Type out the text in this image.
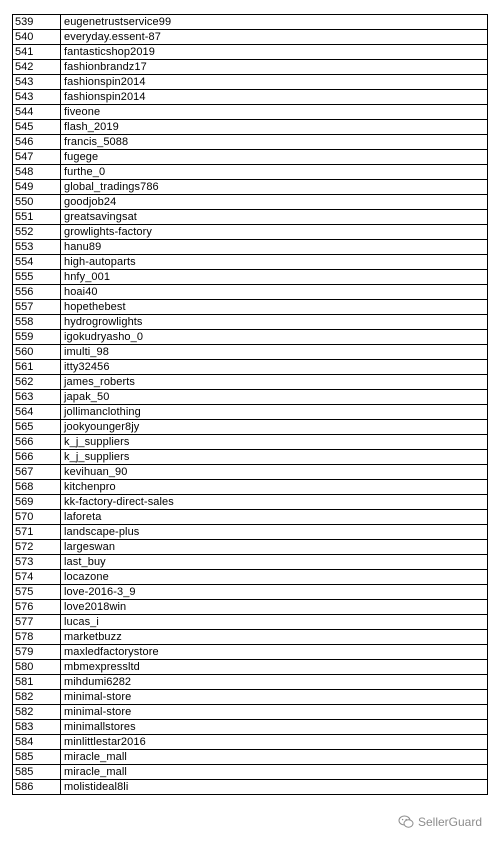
539	eugenetrustservice99
540	everyday.essent-87
541	fantasticshop2019
542	fashionbrandz17
543	fashionspin2014
543	fashionspin2014
544	fiveone
545	flash_2019
546	francis_5088
547	fugege
548	furthe_0
549	global_tradings786
550	goodjob24
551	greatsavingsat
552	growlights-factory
553	hanu89
554	high-autoparts
555	hnfy_001
556	hoai40
557	hopethebest
558	hydrogrowlights
559	igokudryasho_0
560	imulti_98
561	itty32456
562	james_roberts
563	japak_50
564	jollimanclothing
565	jookyounger8jy
566	k_j_suppliers
566	k_j_suppliers
567	kevihuan_90
568	kitchenpro
569	kk-factory-direct-sales
570	laforeta
571	landscape-plus
572	largeswan
573	last_buy
574	locazone
575	love-2016-3_9
576	love2018win
577	lucas_i
578	marketbuzz
579	maxledfactorystore
580	mbmexpressltd
581	mihdumi6282
582	minimal-store
582	minimal-store
583	minimallstores
584	minlittlestar2016
585	miracle_mall
585	miracle_mall
586	molistideal8li
SellerGuard
